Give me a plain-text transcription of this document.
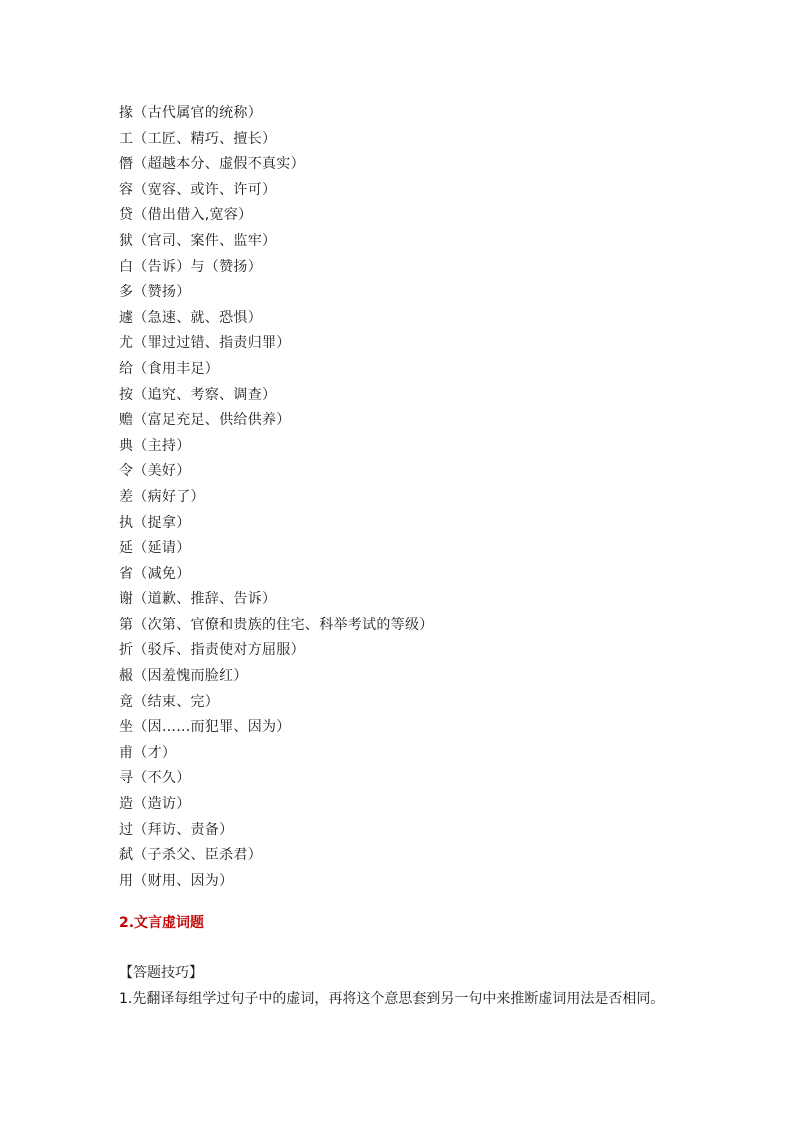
掾（古代属官的统称）
工（工匠、精巧、擅长）
僭（超越本分、虚假不真实）
容（宽容、或许、许可）
贷（借出借入,宽容）
狱（官司、案件、监牢）
白（告诉）与（赞扬）
多（赞扬）
遽（急速、就、恐惧）
尤（罪过过错、指责归罪）
给（食用丰足）
按（追究、考察、调查）
赡（富足充足、供给供养）
典（主持）
令（美好）
差（病好了）
执（捉拿）
延（延请）
省（减免）
谢（道歉、推辞、告诉）
第（次第、官僚和贵族的住宅、科举考试的等级）
折（驳斥、指责使对方屈服）
赧（因羞愧而脸红）
竟（结束、完）
坐（因……而犯罪、因为）
甫（才）
寻（不久）
造（造访）
过（拜访、责备）
弑（子杀父、臣杀君）
用（财用、因为）
2.文言虚词题
【答题技巧】
1.先翻译每组学过句子中的虚词，再将这个意思套到另一句中来推断虚词用法是否相同。
